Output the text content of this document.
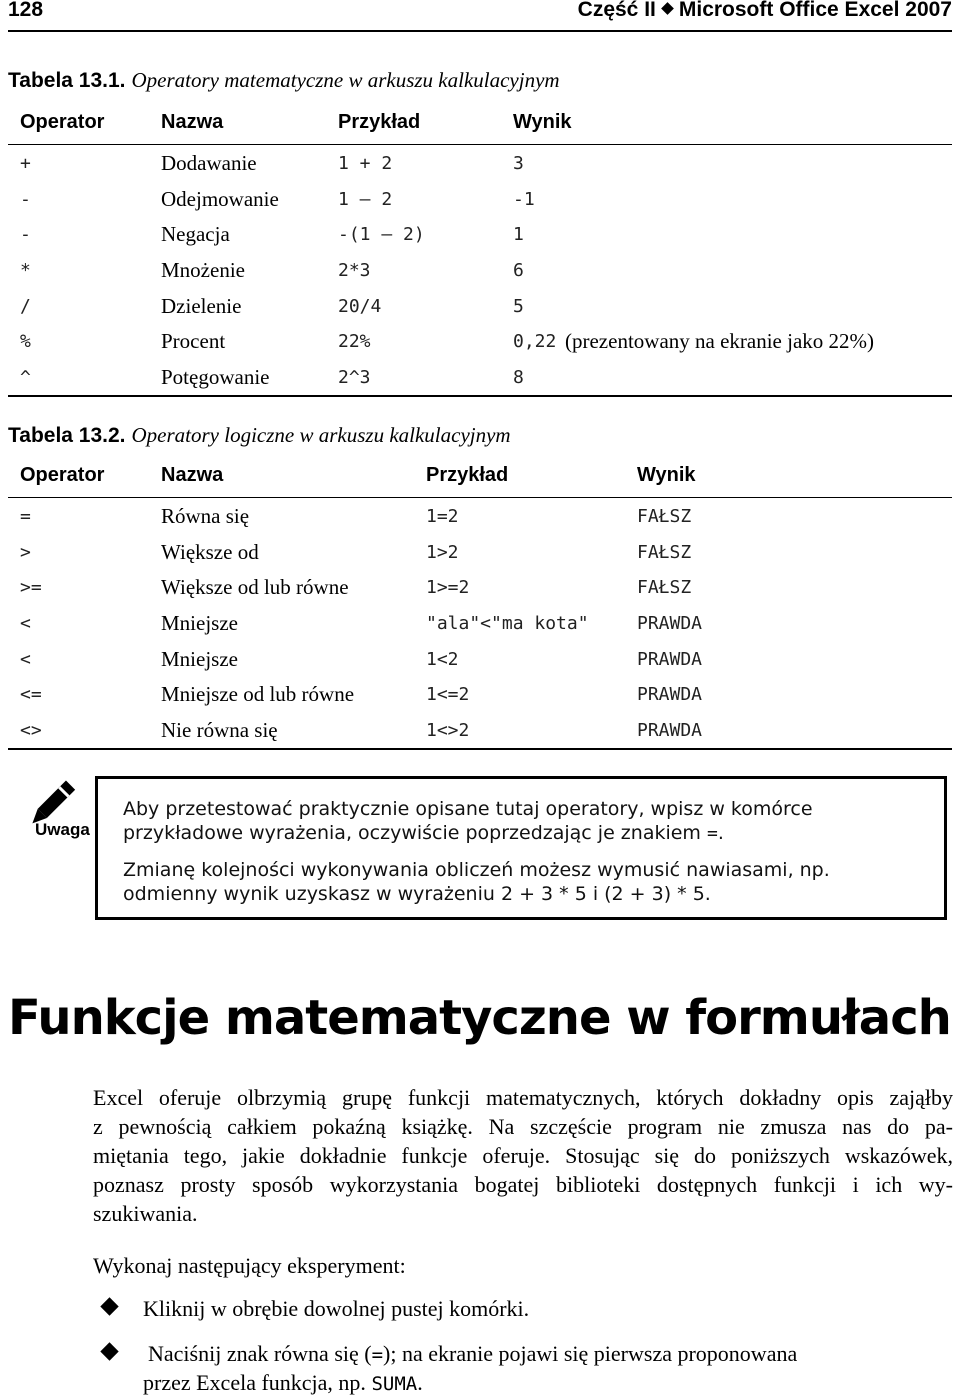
128	Część II Microsoft Office Excel 2007
Tabela 13.1. Operatory matematyczne w arkuszu kalkulacyjnym
Operator	Nazwa	Przykład	Wynik
+	Dodawanie	1 + 2	3
-	Odejmowanie	1 – 2	-1
-	Negacja	-(1 – 2)	1
*	Mnożenie	2*3	6
/	Dzielenie	20/4	5
%	Procent	22%	0,22 (prezentowany na ekranie jako 22%)
^	Potęgowanie	2^3	8
Tabela 13.2. Operatory logiczne w arkuszu kalkulacyjnym
Operator	Nazwa	Przykład	Wynik
=	Równa się	1=2	FAŁSZ
>	Większe od	1>2	FAŁSZ
>=	Większe od lub równe	1>=2	FAŁSZ
<	Mniejsze	"ala"<"ma kota"	PRAWDA
<	Mniejsze	1<2	PRAWDA
<=	Mniejsze od lub równe	1<=2	PRAWDA
<>	Nie równa się	1<>2	PRAWDA
Uwaga

Aby przetestować praktycznie opisane tutaj operatory, wpisz w komórce przykładowe wyrażenia, oczywiście poprzedzając je znakiem =.

Zmianę kolejności wykonywania obliczeń możesz wymusić nawiasami, np. odmienny wynik uzyskasz w wyrażeniu 2 + 3 * 5 i (2 + 3) * 5.

Funkcje matematyczne w formułach
Excel oferuje olbrzymią grupę funkcji matematycznych, których dokładny opis zająłby
z pewnością całkiem pokaźną książkę. Na szczęście program nie zmusza nas do pa-
miętania tego, jakie dokładnie funkcje oferuje. Stosując się do poniższych wskazówek,
poznasz prosty sposób wykorzystania bogatej biblioteki dostępnych funkcji i ich wy-
szukiwania.
Wykonaj następujący eksperyment:
Kliknij w obrębie dowolnej pustej komórki.
Naciśnij znak równa się (=); na ekranie pojawi się pierwsza proponowana
przez Excela funkcja, np. SUMA.
